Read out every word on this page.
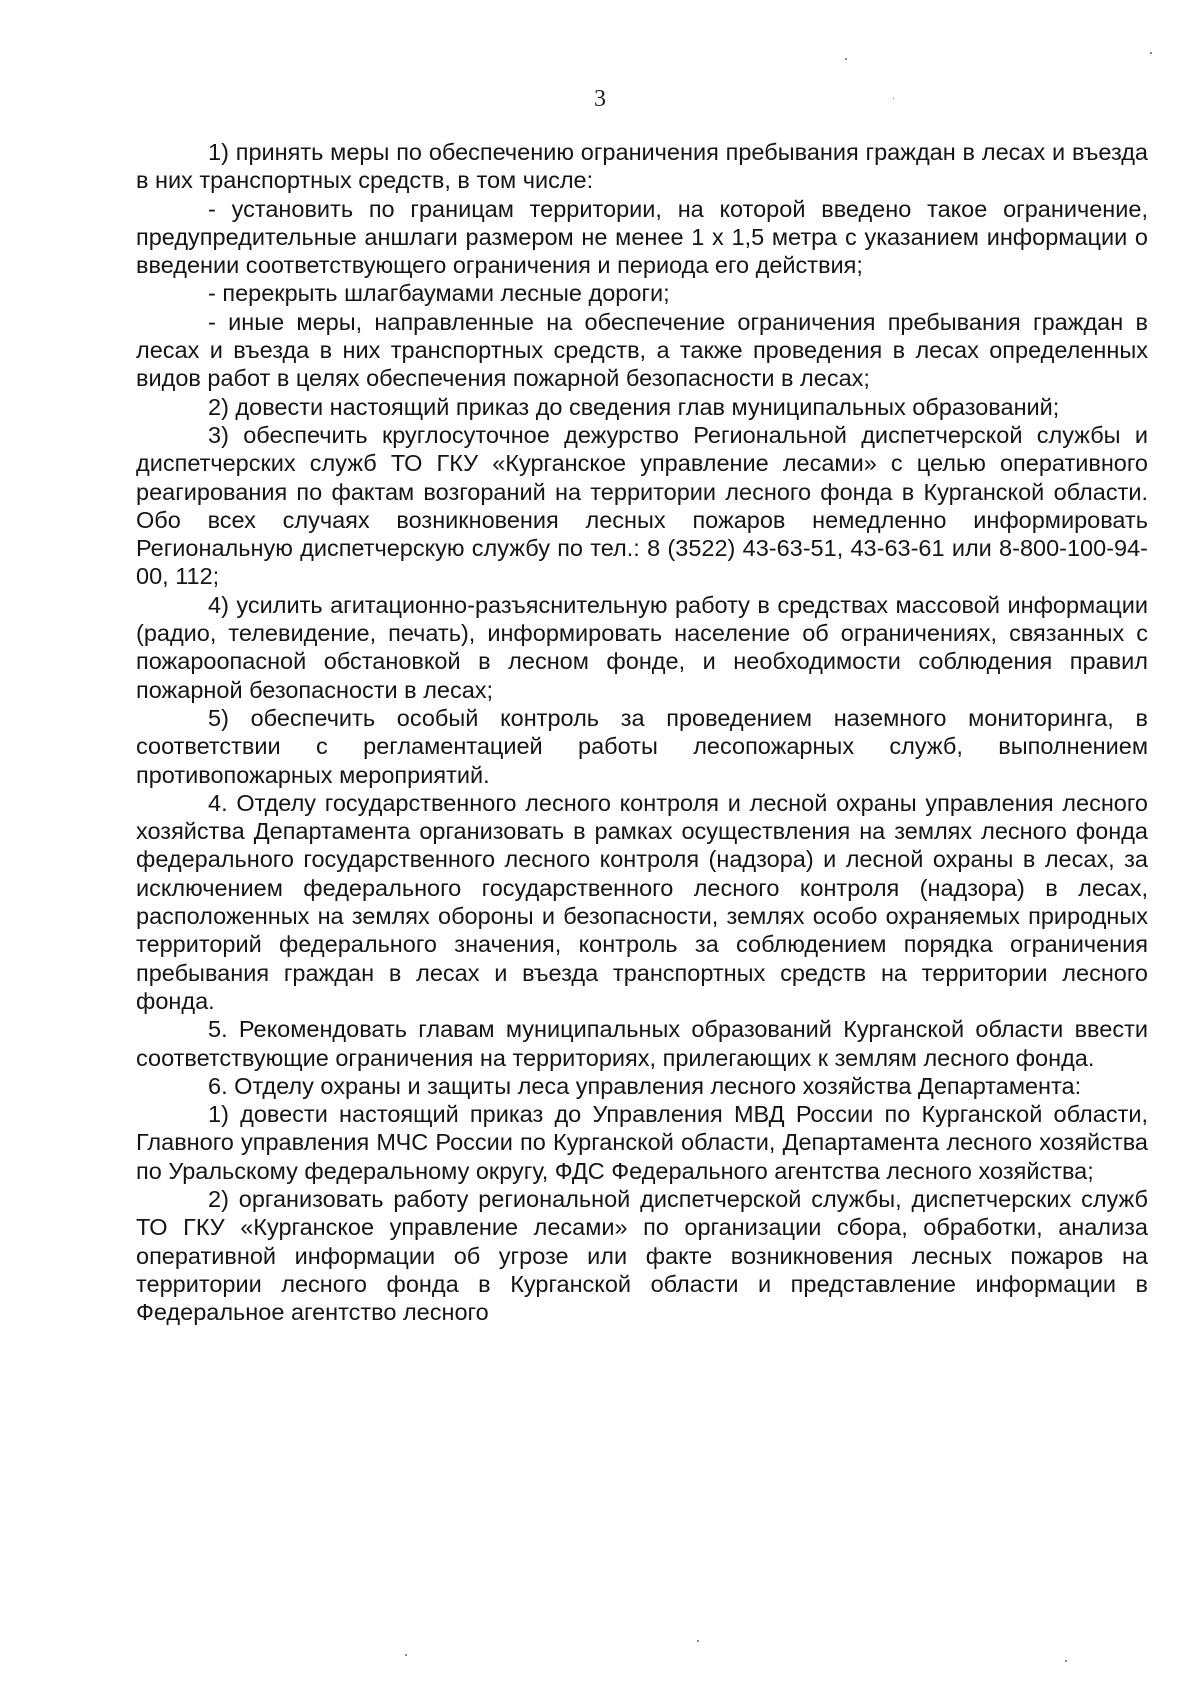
3

1) принять меры по обеспечению ограничения пребывания граждан в лесах и въезда в них транспортных средств, в том числе:

- установить по границам территории, на которой введено такое ограничение, предупредительные аншлаги размером не менее 1 х 1,5 метра с указанием информации о введении соответствующего ограничения и периода его действия;

- перекрыть шлагбаумами лесные дороги;

- иные меры, направленные на обеспечение ограничения пребывания граждан в лесах и въезда в них транспортных средств, а также проведения в лесах определенных видов работ в целях обеспечения пожарной безопасности в лесах;

2) довести настоящий приказ до сведения глав муниципальных образований;

3) обеспечить круглосуточное дежурство Региональной диспетчерской службы и диспетчерских служб ТО ГКУ «Курганское управление лесами» с целью оперативного реагирования по фактам возгораний на территории лесного фонда в Курганской области. Обо всех случаях возникновения лесных пожаров немедленно информировать Региональную диспетчерскую службу по тел.: 8 (3522) 43-63-51, 43-63-61 или 8-800-100-94-00, 112;

4) усилить агитационно-разъяснительную работу в средствах массовой информации (радио, телевидение, печать), информировать население об ограничениях, связанных с пожароопасной обстановкой в лесном фонде, и необходимости соблюдения правил пожарной безопасности в лесах;

5) обеспечить особый контроль за проведением наземного мониторинга, в соответствии с регламентацией работы лесопожарных служб, выполнением противопожарных мероприятий.

4. Отделу государственного лесного контроля и лесной охраны управления лесного хозяйства Департамента организовать в рамках осуществления на землях лесного фонда федерального государственного лесного контроля (надзора) и лесной охраны в лесах, за исключением федерального государственного лесного контроля (надзора) в лесах, расположенных на землях обороны и безопасности, землях особо охраняемых природных территорий федерального значения, контроль за соблюдением порядка ограничения пребывания граждан в лесах и въезда транспортных средств на территории лесного фонда.

5. Рекомендовать главам муниципальных образований Курганской области ввести соответствующие ограничения на территориях, прилегающих к землям лесного фонда.

6. Отделу охраны и защиты леса управления лесного хозяйства Департамента:

1) довести настоящий приказ до Управления МВД России по Курганской области, Главного управления МЧС России по Курганской области, Департамента лесного хозяйства по Уральскому федеральному округу, ФДС Федерального агентства лесного хозяйства;

2) организовать работу региональной диспетчерской службы, диспетчерских служб ТО ГКУ «Курганское управление лесами» по организации сбора, обработки, анализа оперативной информации об угрозе или факте возникновения лесных пожаров на территории лесного фонда в Курганской области и представление информации в Федеральное агентство лесного
